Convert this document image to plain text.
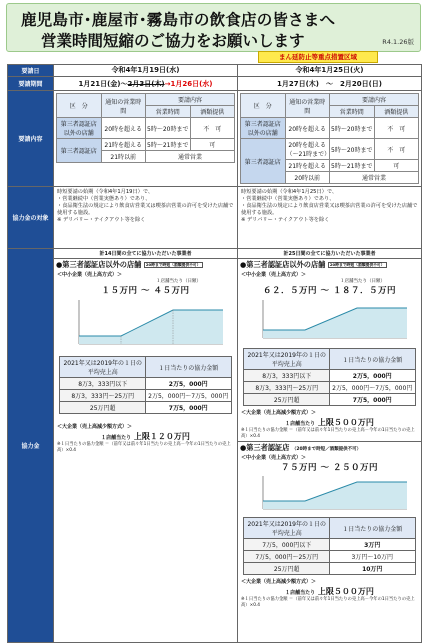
鹿児島市･鹿屋市･霧島市の飲食店の皆さまへ
営業時間短縮のご協力をお願いします	R4.1.26版
まん延防止等重点措置区域
要請日	令和4年1月19日(水)	令和4年1月25日(火)
要請期間	1月21日(金)～2月3日(木)→1月26日(水)	1月27日(木)　～　2月20日(日)
要請内容	
区　分	通知の営業時間	要請内容
営業時間	酒類提供
第三者認証店以外の店舗	20時を超える	5時～20時まで	不　可
第三者認証店	21時を超える	5時～21時まで	可
21時以前	通常営業

区　分	通知の営業時間	要請内容
営業時間	酒類提供
第三者認証店以外の店舗	20時を超える	5時～20時まで	不　可
第三者認証店	20時を超える（～21時まで）	5時～20時まで	不　可
21時を超える	5時～21時まで	可
20時以前	通常営業

協力金の対象	
時短要請の始期（令和4年1月19日）で、
・営業継続中（営業実態あり）であり、
・食品衛生法の規定により飲食店営業又は喫茶店営業の許可を受けた店舗で使用する施設。
※ デリバリー・テイクアウト等を除く

時短要請の始期（令和4年1月25日）で、
・営業継続中（営業実態あり）であり、
・食品衛生法の規定により飲食店営業又は喫茶店営業の許可を受けた店舗で使用する施設。
※ デリバリー・テイクアウト等を除く

協力金	
計14日間の全てに協力いただいた事業者
●第三者認証店以外の店舗 20時まで時短（酒類提供不可）
＜中小企業（売上高方式）＞
１店舗当たり（日額）
１５万円 ～ ４５万円
2021年又は2019年の１日の平均売上高	１日当たりの協力金額
8万3，333円以下	2万5，000円
8万3，333円～25万円	2万5，000円～7万5，000円
25万円超	7万5，000円
＜大企業（売上高減少額方式）＞
１店舗当たり 上限１２０万円
※１日当たりの協力金額 ＝（前年又は前々年1日当たりの売上高－今年の1日当たりの売上高）×0.4

計25日間の全てに協力いただいた事業者
●第三者認証店以外の店舗 20時まで時短（酒類提供不可）
＜中小企業（売上高方式）＞
１店舗当たり（日額）
６２．５万円 ～ １８７．５万円
2021年又は2019年の１日の平均売上高	１日当たりの協力金額
8万3，333円以下	2万5，000円
8万3，333円～25万円	2万5，000円～7万5，000円
25万円超	7万5，000円
＜大企業（売上高減少額方式）＞
１店舗当たり 上限５００万円
※１日当たりの協力金額 ＝（前年又は前々年1日当たりの売上高－今年の1日当たりの売上高）×0.4
●第三者認証店 （20時まで時短／酒類提供不可）
＜中小企業（売上高方式）＞
７５万円 ～ ２５０万円
2021年又は2019年の１日の平均売上高	１日当たりの協力金額
7万5，000円以下	3万円
7万5，000円～25万円	3万円～10万円
25万円超	10万円
＜大企業（売上高減少額方式）＞
１店舗当たり 上限５００万円
※１日当たりの協力金額 ＝（前年又は前々年1日当たりの売上高－今年の1日当たりの売上高）×0.4
